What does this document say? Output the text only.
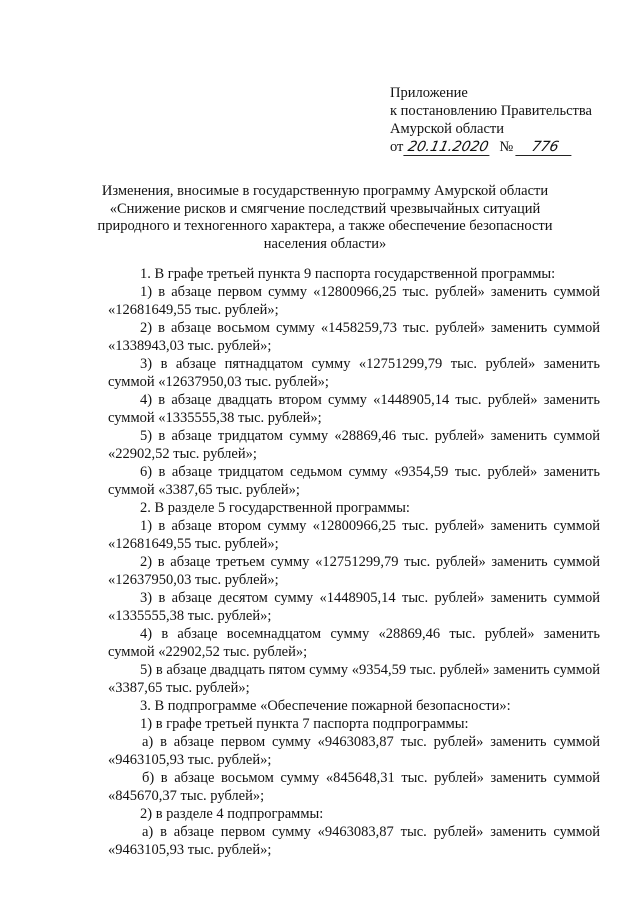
Приложение
к постановлению Правительства
Амурской области
от 20.11.2020 №	776
Изменения, вносимые в государственную программу Амурской области «Снижение рисков и смягчение последствий чрезвычайных ситуаций природного и техногенного характера, а также обеспечение безопасности населения области»
1. В графе третьей пункта 9 паспорта государственной программы:
1) в абзаце первом сумму «12800966,25 тыс. рублей» заменить суммой «12681649,55 тыс. рублей»;
2) в абзаце восьмом сумму «1458259,73 тыс. рублей» заменить суммой «1338943,03 тыс. рублей»;
3) в абзаце пятнадцатом сумму «12751299,79 тыс. рублей» заменить суммой «12637950,03 тыс. рублей»;
4) в абзаце двадцать втором сумму «1448905,14 тыс. рублей» заменить суммой «1335555,38 тыс. рублей»;
5) в абзаце тридцатом сумму «28869,46 тыс. рублей» заменить суммой «22902,52 тыс. рублей»;
6) в абзаце тридцатом седьмом сумму «9354,59 тыс. рублей» заменить суммой «3387,65 тыс. рублей»;
2. В разделе 5 государственной программы:
1) в абзаце втором сумму «12800966,25 тыс. рублей» заменить суммой «12681649,55 тыс. рублей»;
2) в абзаце третьем сумму «12751299,79 тыс. рублей» заменить суммой «12637950,03 тыс. рублей»;
3) в абзаце десятом сумму «1448905,14 тыс. рублей» заменить суммой «1335555,38 тыс. рублей»;
4) в абзаце восемнадцатом сумму «28869,46 тыс. рублей» заменить суммой «22902,52 тыс. рублей»;
5) в абзаце двадцать пятом сумму «9354,59 тыс. рублей» заменить суммой «3387,65 тыс. рублей»;
3. В подпрограмме «Обеспечение пожарной безопасности»:
1) в графе третьей пункта 7 паспорта подпрограммы:
а) в абзаце первом сумму «9463083,87 тыс. рублей» заменить суммой «9463105,93 тыс. рублей»;
б) в абзаце восьмом сумму «845648,31 тыс. рублей» заменить суммой «845670,37 тыс. рублей»;
2) в разделе 4 подпрограммы:
а) в абзаце первом сумму «9463083,87 тыс. рублей» заменить суммой «9463105,93 тыс. рублей»;
